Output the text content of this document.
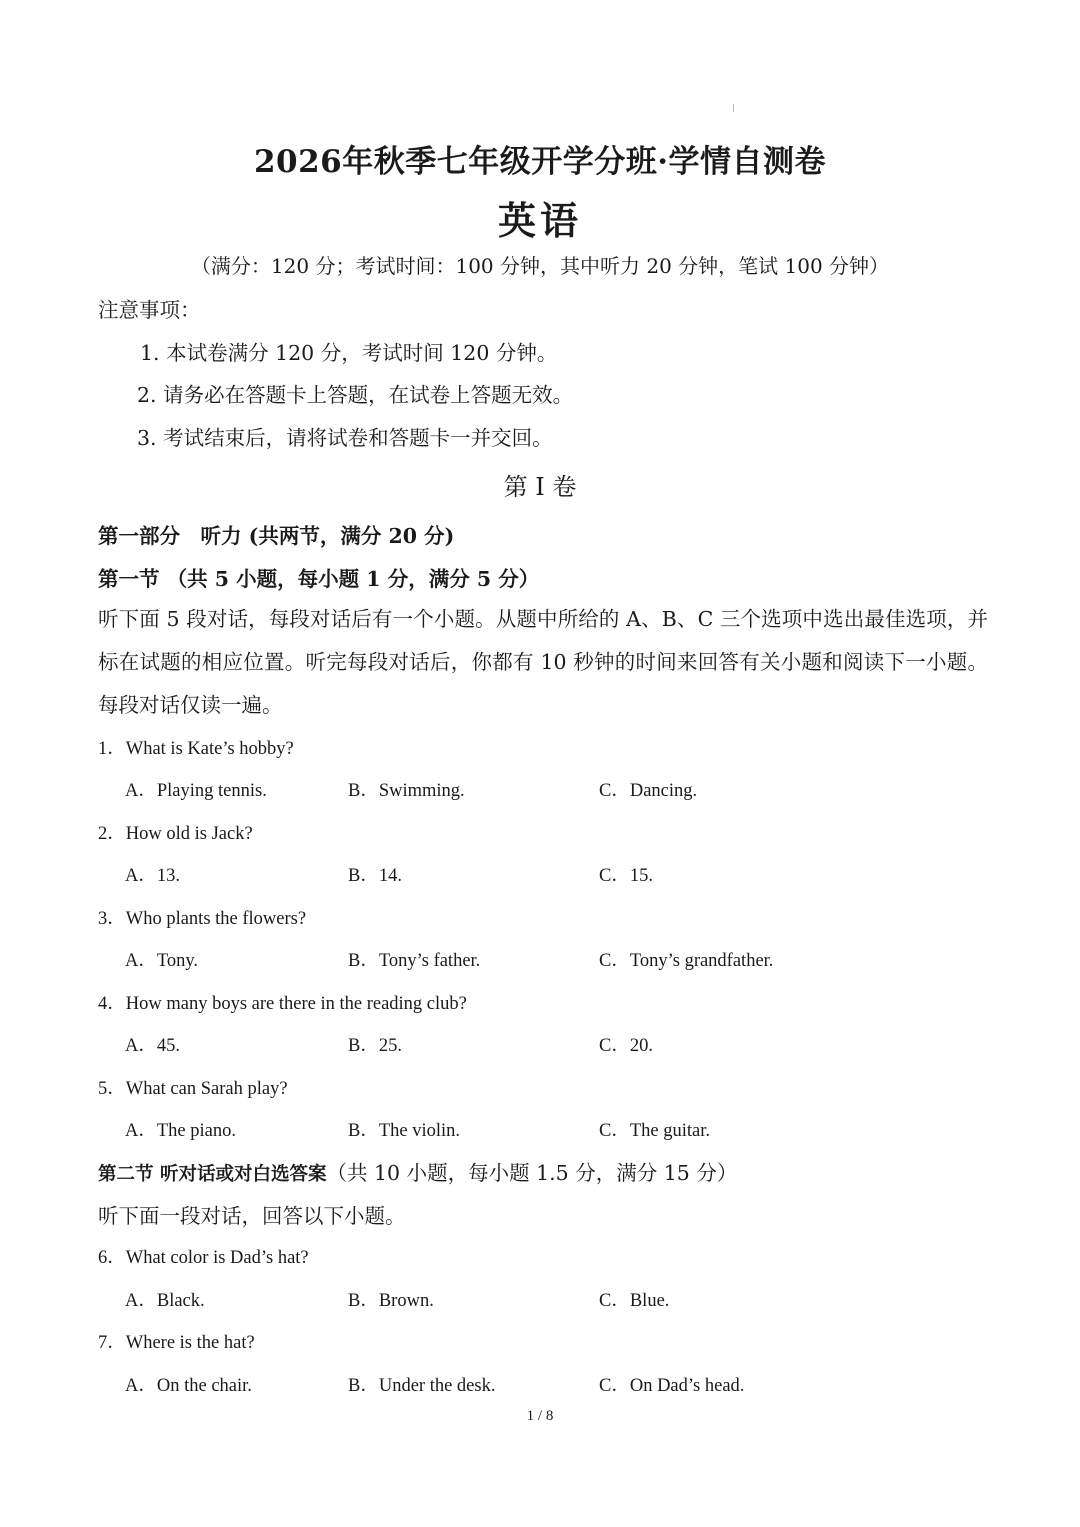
2026年秋季七年级开学分班·学情自测卷
英语
（满分：120 分；考试时间：100 分钟，其中听力 20 分钟，笔试 100 分钟）
注意事项：
1. 本试卷满分 120 分，考试时间 120 分钟。
2. 请务必在答题卡上答题，在试卷上答题无效。
3. 考试结束后，请将试卷和答题卡一并交回。
第 I 卷
第一部分　听力 (共两节，满分 20 分)
第一节 （共 5 小题，每小题 1 分，满分 5 分）
听下面 5 段对话，每段对话后有一个小题。从题中所给的 A、B、C 三个选项中选出最佳选项，并标在试题的相应位置。听完每段对话后，你都有 10 秒钟的时间来回答有关小题和阅读下一小题。每段对话仅读一遍。
1．What is Kate’s hobby?
A．Playing tennis.	B．Swimming.	C．Dancing.
2．How old is Jack?
A．13.	B．14.	C．15.
3．Who plants the flowers?
A．Tony.	B．Tony’s father.	C．Tony’s grandfather.
4．How many boys are there in the reading club?
A．45.	B．25.	C．20.
5．What can Sarah play?
A．The piano.	B．The violin.	C．The guitar.
第二节 听对话或对白选答案（共 10 小题，每小题 1.5 分，满分 15 分）
听下面一段对话，回答以下小题。
6．What color is Dad’s hat?
A．Black.	B．Brown.	C．Blue.
7．Where is the hat?
A．On the chair.	B．Under the desk.	C．On Dad’s head.
1 / 8
